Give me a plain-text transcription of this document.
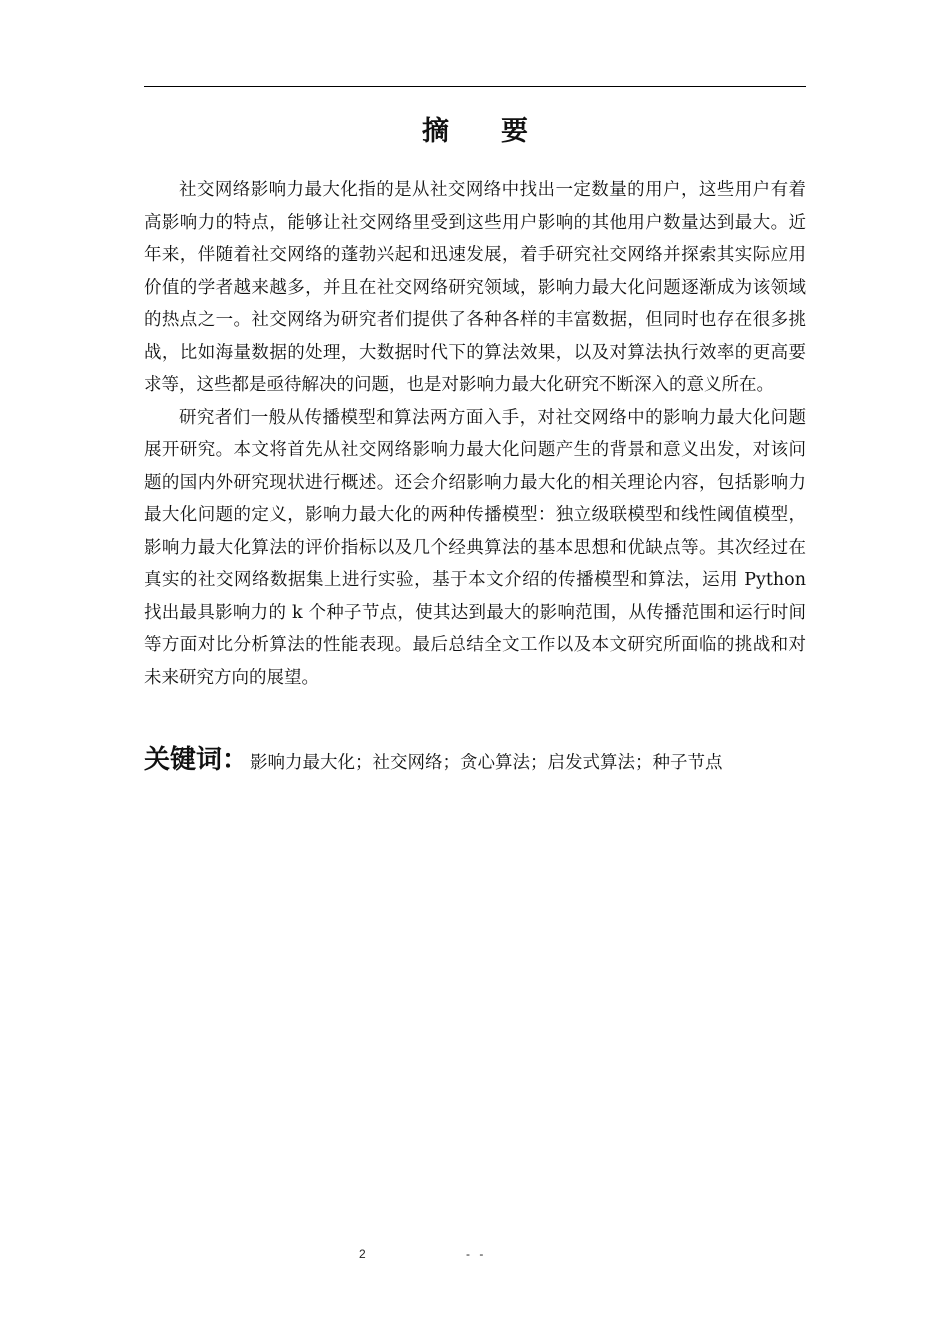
摘要

社交网络影响力最大化指的是从社交网络中找出一定数量的用户，这些用户有着高影响力的特点，能够让社交网络里受到这些用户影响的其他用户数量达到最大。近年来，伴随着社交网络的蓬勃兴起和迅速发展，着手研究社交网络并探索其实际应用价值的学者越来越多，并且在社交网络研究领域，影响力最大化问题逐渐成为该领域的热点之一。社交网络为研究者们提供了各种各样的丰富数据，但同时也存在很多挑战，比如海量数据的处理，大数据时代下的算法效果，以及对算法执行效率的更高要求等，这些都是亟待解决的问题，也是对影响力最大化研究不断深入的意义所在。

研究者们一般从传播模型和算法两方面入手，对社交网络中的影响力最大化问题展开研究。本文将首先从社交网络影响力最大化问题产生的背景和意义出发，对该问题的国内外研究现状进行概述。还会介绍影响力最大化的相关理论内容，包括影响力最大化问题的定义，影响力最大化的两种传播模型：独立级联模型和线性阈值模型，影响力最大化算法的评价指标以及几个经典算法的基本思想和优缺点等。其次经过在真实的社交网络数据集上进行实验，基于本文介绍的传播模型和算法，运用 Python 找出最具影响力的 k 个种子节点，使其达到最大的影响范围，从传播范围和运行时间等方面对比分析算法的性能表现。最后总结全文工作以及本文研究所面临的挑战和对未来研究方向的展望。

关键词： 影响力最大化；社交网络；贪心算法；启发式算法；种子节点
2	- -
